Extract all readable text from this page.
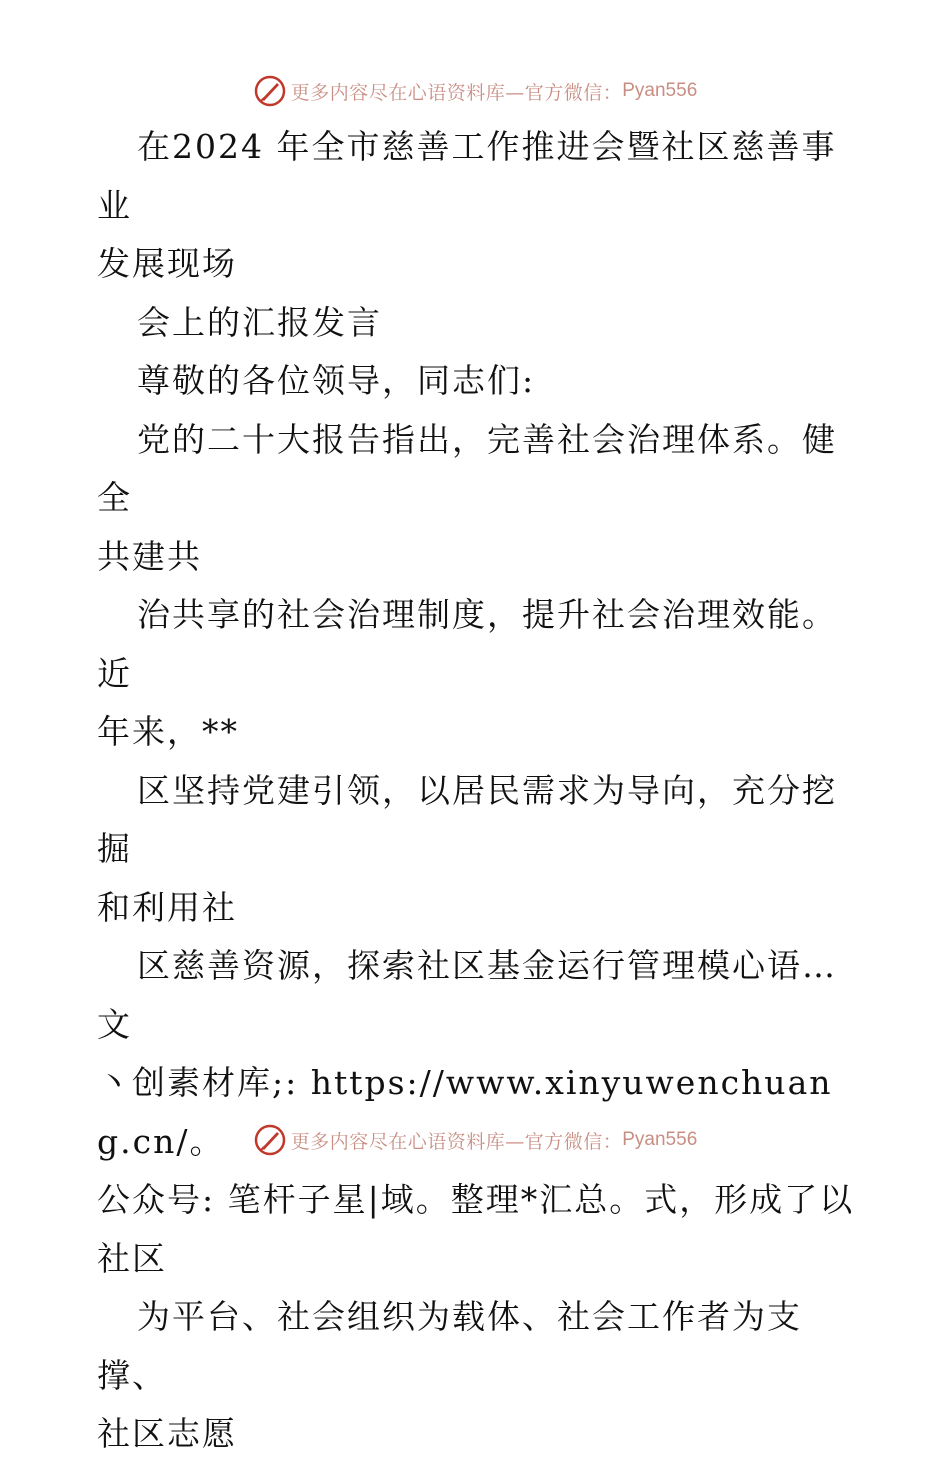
更多内容尽在心语资料库—官方微信： Pyan556

在2024 年全市慈善工作推进会暨社区慈善事业

发展现场

会上的汇报发言

尊敬的各位领导，同志们:

党的二十大报告指出，完善社会治理体系。健全

共建共

治共享的社会治理制度，提升社会治理效能。近

年来，**

区坚持党建引领，以居民需求为导向，充分挖掘

和利用社

区慈善资源，探索社区基金运行管理模心语…文

丶创素材库;: https://www.xinyuwenchuang.cn/。

公众号: 笔杆子星|域。整理*汇总。式，形成了以

社区

为平台、社会组织为载体、社会工作者为支撑、

社区志愿

更多内容尽在心语资料库—官方微信： Pyan556
